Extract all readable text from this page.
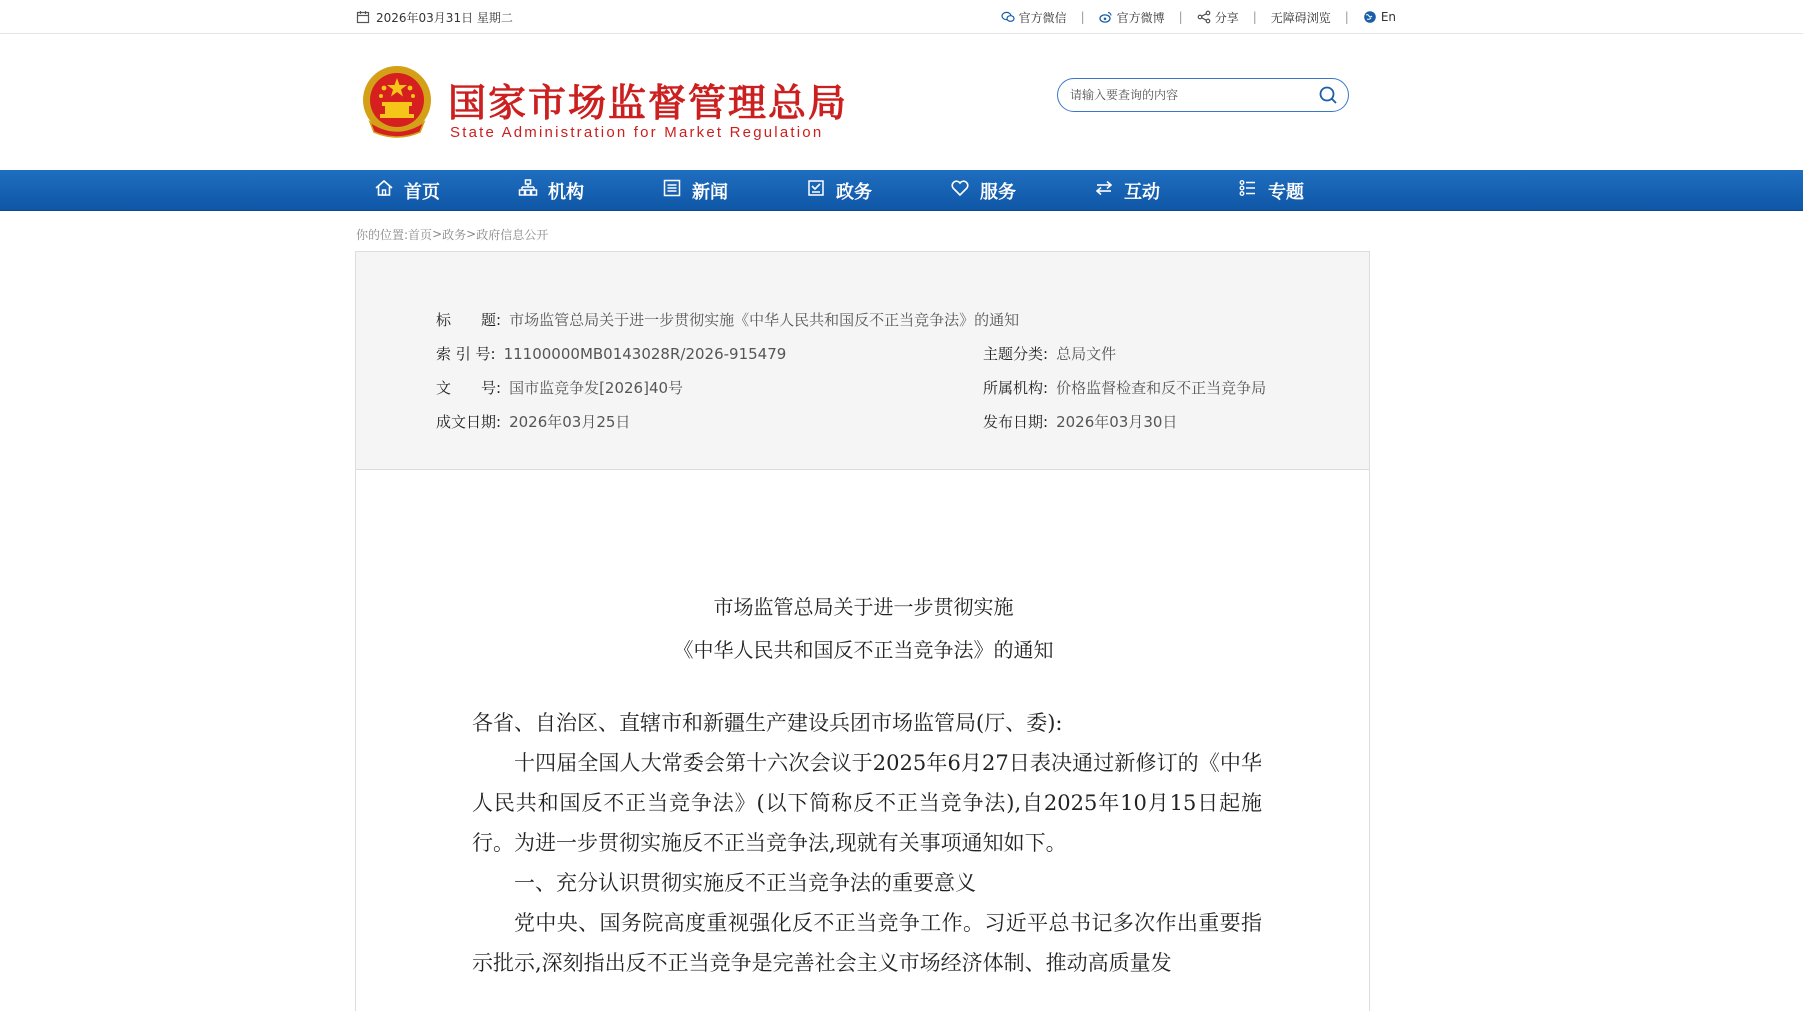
2026年03月31日 星期二	官方微信 |	官方微博 |	分享 | 无障碍浏览 |	En
国家市场监督管理总局
State Administration for Market Regulation
请输入要查询的内容
首页	机构	新闻	政务	服务	互动	专题
你的位置: 首页 > 政务 > 政府信息公开
标　　题: 市场监管总局关于进一步贯彻实施《中华人民共和国反不正当竞争法》的通知
索 引 号: 11100000MB0143028R/2026-915479	主题分类: 总局文件
文　　号: 国市监竞争发[2026]40号	所属机构: 价格监督检查和反不正当竞争局
成文日期: 2026年03月25日	发布日期: 2026年03月30日
市场监管总局关于进一步贯彻实施
《中华人民共和国反不正当竞争法》的通知

各省、自治区、直辖市和新疆生产建设兵团市场监管局(厅、委):

十四届全国人大常委会第十六次会议于2025年6月27日表决通过新修订的《中华人民共和国反不正当竞争法》(以下简称反不正当竞争法),自2025年10月15日起施行。为进一步贯彻实施反不正当竞争法,现就有关事项通知如下。

一、充分认识贯彻实施反不正当竞争法的重要意义

党中央、国务院高度重视强化反不正当竞争工作。习近平总书记多次作出重要指示批示,深刻指出反不正当竞争是完善社会主义市场经济体制、推动高质量发
